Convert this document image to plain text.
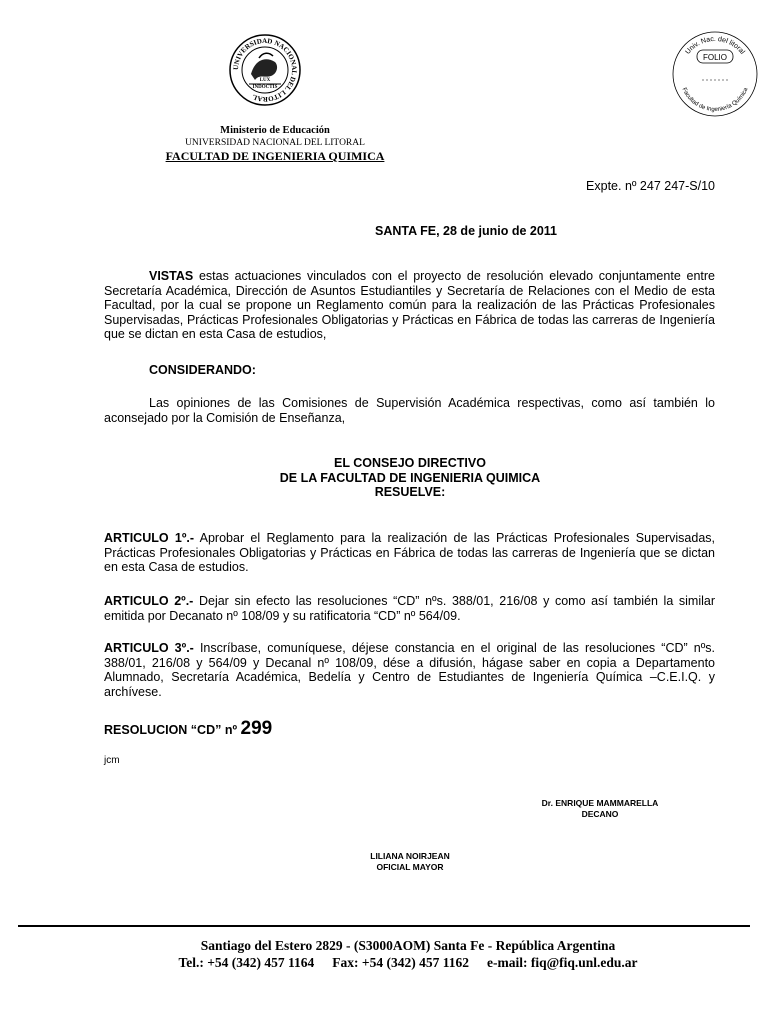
UNIVERSIDAD NACIONAL DEL LITORAL
LUX
INDOCTIS
Univ. Nac. del litoral
FOLIO
Facultad de Ingeniería Química
Ministerio de Educación
UNIVERSIDAD NACIONAL DEL LITORAL
FACULTAD DE INGENIERIA QUIMICA
Expte. nº 247 247-S/10
SANTA FE, 28 de junio de 2011

VISTAS estas actuaciones vinculados con el proyecto de resolución elevado conjuntamente entre Secretaría Académica, Dirección de Asuntos Estudiantiles y Secretaría de Relaciones con el Medio de esta Facultad, por la cual se propone un Reglamento común para la realización de las Prácticas Profesionales Supervisadas, Prácticas Profesionales Obligatorias y Prácticas en Fábrica de todas las carreras de Ingeniería que se dictan en esta Casa de estudios,

CONSIDERANDO:

Las opiniones de las Comisiones de Supervisión Académica respectivas, como así también lo aconsejado por la Comisión de Enseñanza,

EL CONSEJO DIRECTIVO
DE LA FACULTAD DE INGENIERIA QUIMICA
RESUELVE:

ARTICULO 1º.- Aprobar el Reglamento para la realización de las Prácticas Profesionales Supervisadas, Prácticas Profesionales Obligatorias y Prácticas en Fábrica de todas las carreras de Ingeniería que se dictan en esta Casa de estudios.

ARTICULO 2º.- Dejar sin efecto las resoluciones “CD” nºs. 388/01, 216/08 y como así también la similar emitida por Decanato nº 108/09 y su ratificatoria “CD” nº 564/09.

ARTICULO 3º.- Inscríbase, comuníquese, déjese constancia en el original de las resoluciones “CD” nºs. 388/01, 216/08 y 564/09 y Decanal nº 108/09, dése a difusión, hágase saber en copia a Departamento Alumnado, Secretaría Académica, Bedelía y Centro de Estudiantes de Ingeniería Química –C.E.I.Q. y archívese.

RESOLUCION “CD” nº 299
jcm
Dr. ENRIQUE MAMMARELLA
DECANO
LILIANA NOIRJEAN
OFICIAL MAYOR
Santiago del Estero 2829 - (S3000AOM) Santa Fe - República Argentina
Tel.: +54 (342) 457 1164 Fax: +54 (342) 457 1162 e-mail: fiq@fiq.unl.edu.ar
